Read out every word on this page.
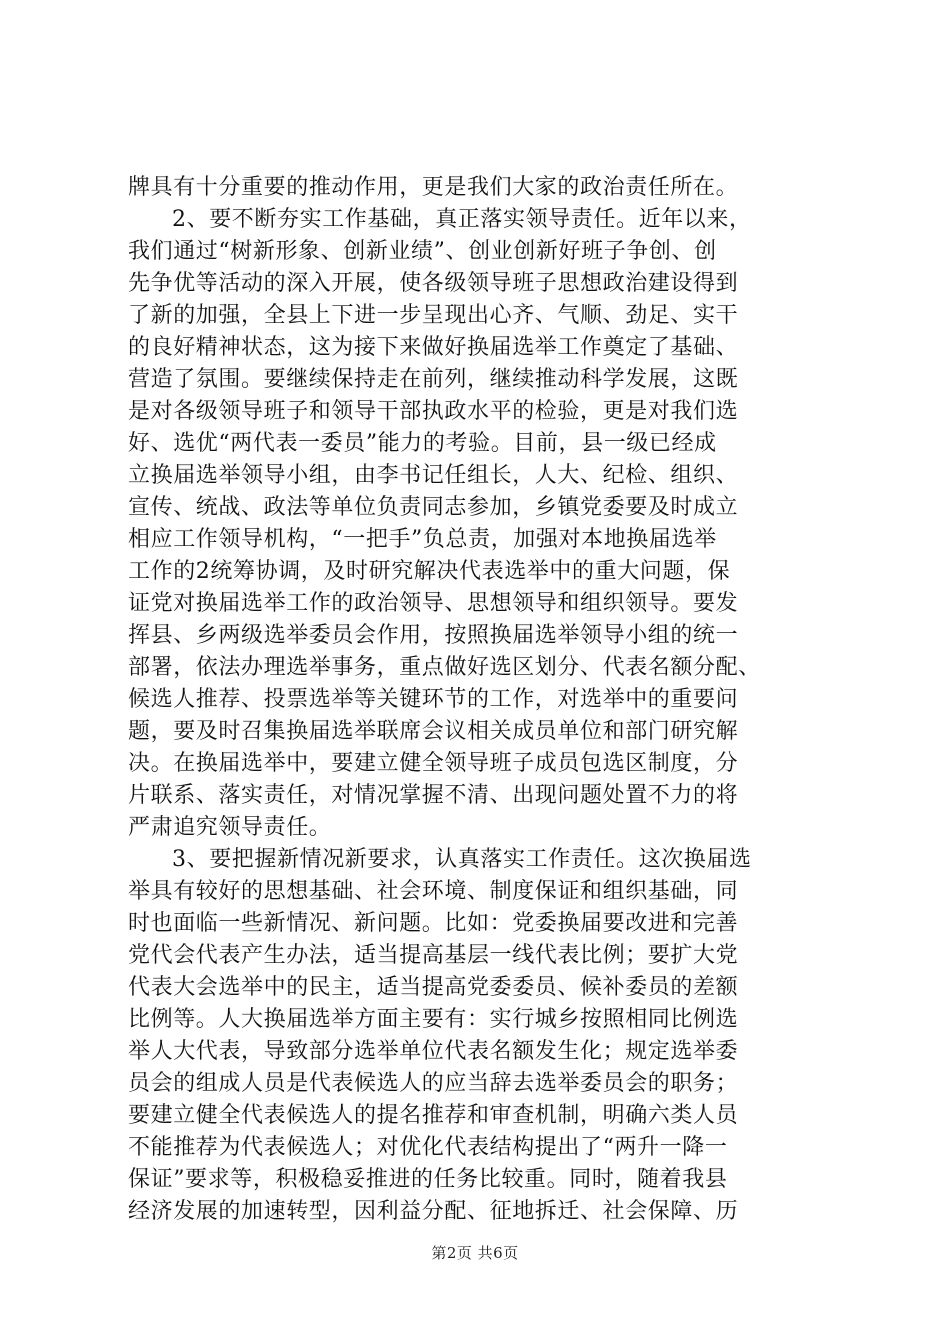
牌具有十分重要的推动作用，更是我们大家的政治责任所在。
2、要不断夯实工作基础，真正落实领导责任。近年以来，
我们通过“树新形象、创新业绩”、创业创新好班子争创、创
先争优等活动的深入开展，使各级领导班子思想政治建设得到
了新的加强，全县上下进一步呈现出心齐、气顺、劲足、实干
的良好精神状态，这为接下来做好换届选举工作奠定了基础、
营造了氛围。要继续保持走在前列，继续推动科学发展，这既
是对各级领导班子和领导干部执政水平的检验，更是对我们选
好、选优“两代表一委员”能力的考验。目前，县一级已经成
立换届选举领导小组，由李书记任组长，人大、纪检、组织、
宣传、统战、政法等单位负责同志参加，乡镇党委要及时成立
相应工作领导机构，“一把手”负总责，加强对本地换届选举
工作的2统筹协调，及时研究解决代表选举中的重大问题，保
证党对换届选举工作的政治领导、思想领导和组织领导。要发
挥县、乡两级选举委员会作用，按照换届选举领导小组的统一
部署，依法办理选举事务，重点做好选区划分、代表名额分配、
候选人推荐、投票选举等关键环节的工作，对选举中的重要问
题，要及时召集换届选举联席会议相关成员单位和部门研究解
决。在换届选举中，要建立健全领导班子成员包选区制度，分
片联系、落实责任，对情况掌握不清、出现问题处置不力的将
严肃追究领导责任。
3、要把握新情况新要求，认真落实工作责任。这次换届选
举具有较好的思想基础、社会环境、制度保证和组织基础，同
时也面临一些新情况、新问题。比如：党委换届要改进和完善
党代会代表产生办法，适当提高基层一线代表比例；要扩大党
代表大会选举中的民主，适当提高党委委员、候补委员的差额
比例等。人大换届选举方面主要有：实行城乡按照相同比例选
举人大代表，导致部分选举单位代表名额发生化；规定选举委
员会的组成人员是代表候选人的应当辞去选举委员会的职务；
要建立健全代表候选人的提名推荐和审查机制，明确六类人员
不能推荐为代表候选人；对优化代表结构提出了“两升一降一
保证”要求等，积极稳妥推进的任务比较重。同时，随着我县
经济发展的加速转型，因利益分配、征地拆迁、社会保障、历
第2页 共6页
